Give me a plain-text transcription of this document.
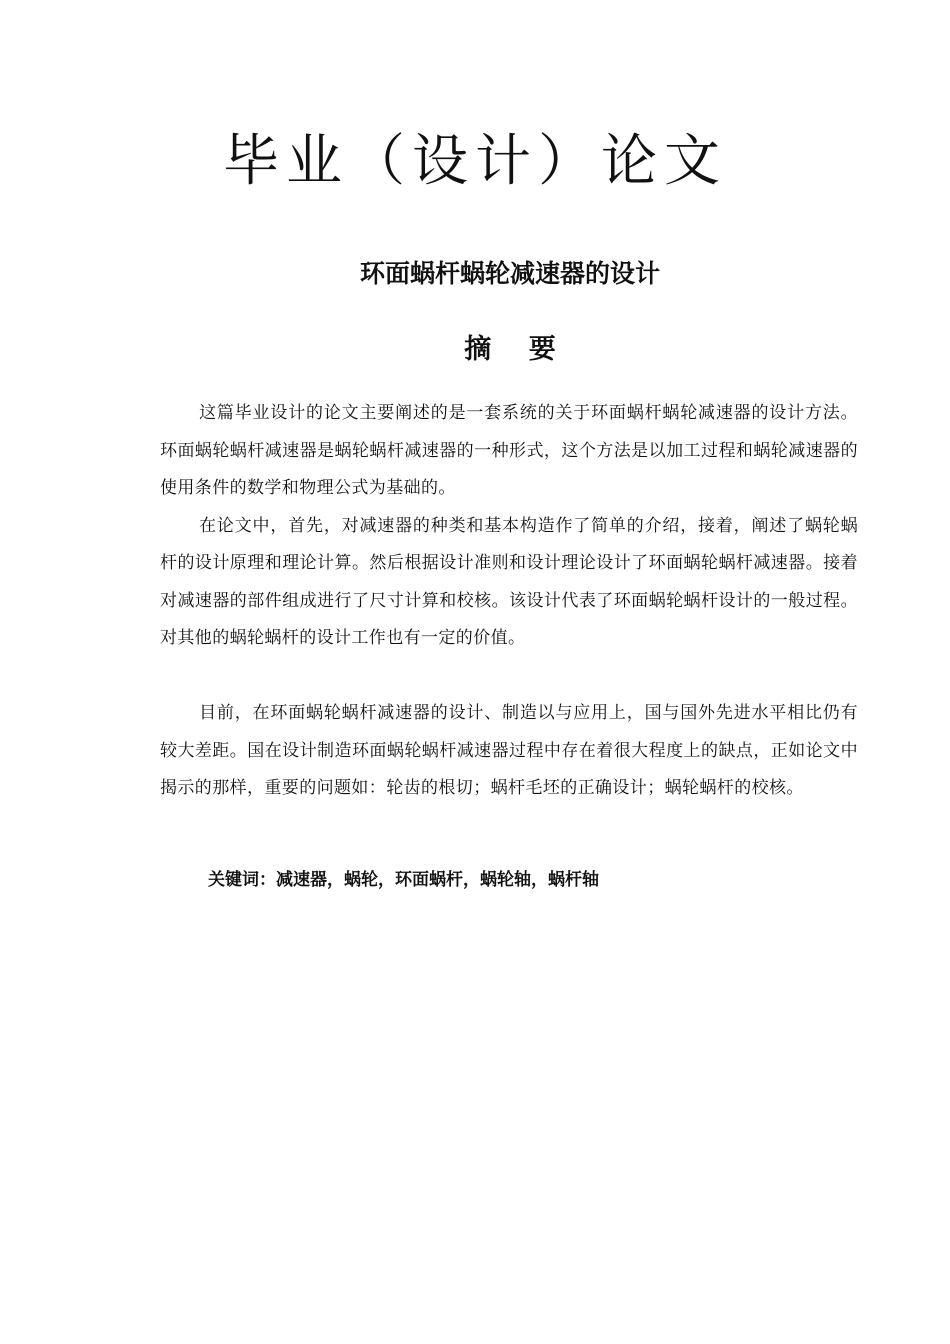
毕业（设计）论文
环面蜗杆蜗轮减速器的设计
摘 要

这篇毕业设计的论文主要阐述的是一套系统的关于环面蜗杆蜗轮减速器的设计方法。环面蜗轮蜗杆减速器是蜗轮蜗杆减速器的一种形式，这个方法是以加工过程和蜗轮减速器的使用条件的数学和物理公式为基础的。

在论文中，首先，对减速器的种类和基本构造作了简单的介绍，接着，阐述了蜗轮蜗杆的设计原理和理论计算。然后根据设计准则和设计理论设计了环面蜗轮蜗杆减速器。接着对减速器的部件组成进行了尺寸计算和校核。该设计代表了环面蜗轮蜗杆设计的一般过程。对其他的蜗轮蜗杆的设计工作也有一定的价值。

目前，在环面蜗轮蜗杆减速器的设计、制造以与应用上，国与国外先进水平相比仍有较大差距。国在设计制造环面蜗轮蜗杆减速器过程中存在着很大程度上的缺点，正如论文中揭示的那样，重要的问题如：轮齿的根切；蜗杆毛坯的正确设计；蜗轮蜗杆的校核。

关键词：减速器，蜗轮，环面蜗杆，蜗轮轴，蜗杆轴
